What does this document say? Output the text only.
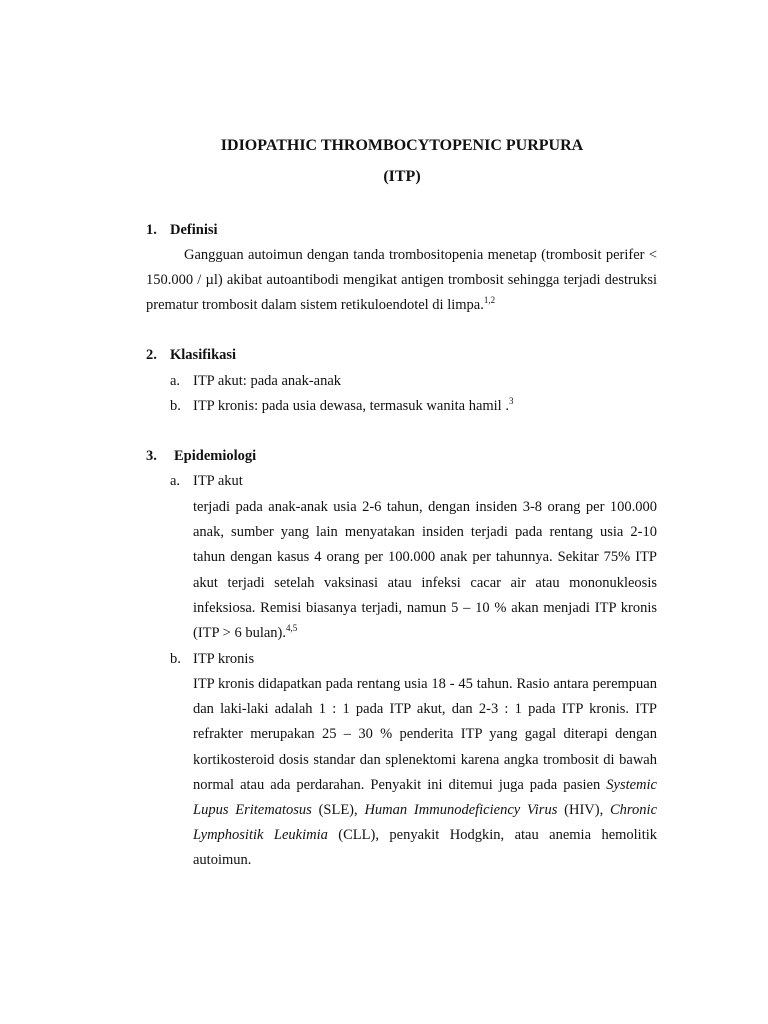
IDIOPATHIC THROMBOCYTOPENIC PURPURA
(ITP)
1. Definisi
Gangguan autoimun dengan tanda trombositopenia menetap (trombosit perifer < 150.000 / µl) akibat autoantibodi mengikat antigen trombosit sehingga terjadi destruksi prematur trombosit dalam sistem retikuloendotel di limpa.$^{1,2}$
2. Klasifikasi
a. ITP akut: pada anak-anak
b. ITP kronis: pada usia dewasa, termasuk wanita hamil .$^3$
3. Epidemiologi
a. ITP akut
terjadi pada anak-anak usia 2-6 tahun, dengan insiden 3-8 orang per 100.000 anak, sumber yang lain menyatakan insiden terjadi pada rentang usia 2-10 tahun dengan kasus 4 orang per 100.000 anak per tahunnya. Sekitar 75% ITP akut terjadi setelah vaksinasi atau infeksi cacar air atau mononukleosis infeksiosa. Remisi biasanya terjadi, namun 5 – 10 % akan menjadi ITP kronis (ITP > 6 bulan).$^{4,5}$
b. ITP kronis
ITP kronis didapatkan pada rentang usia 18 - 45 tahun. Rasio antara perempuan dan laki-laki adalah 1 : 1 pada ITP akut, dan 2-3 : 1 pada ITP kronis. ITP refrakter merupakan 25 – 30 % penderita ITP yang gagal diterapi dengan kortikosteroid dosis standar dan splenektomi karena angka trombosit di bawah normal atau ada perdarahan. Penyakit ini ditemui juga pada pasien Systemic Lupus Eritematosus (SLE), Human Immunodeficiency Virus (HIV), Chronic Lymphositik Leukimia (CLL), penyakit Hodgkin, atau anemia hemolitik autoimun.
